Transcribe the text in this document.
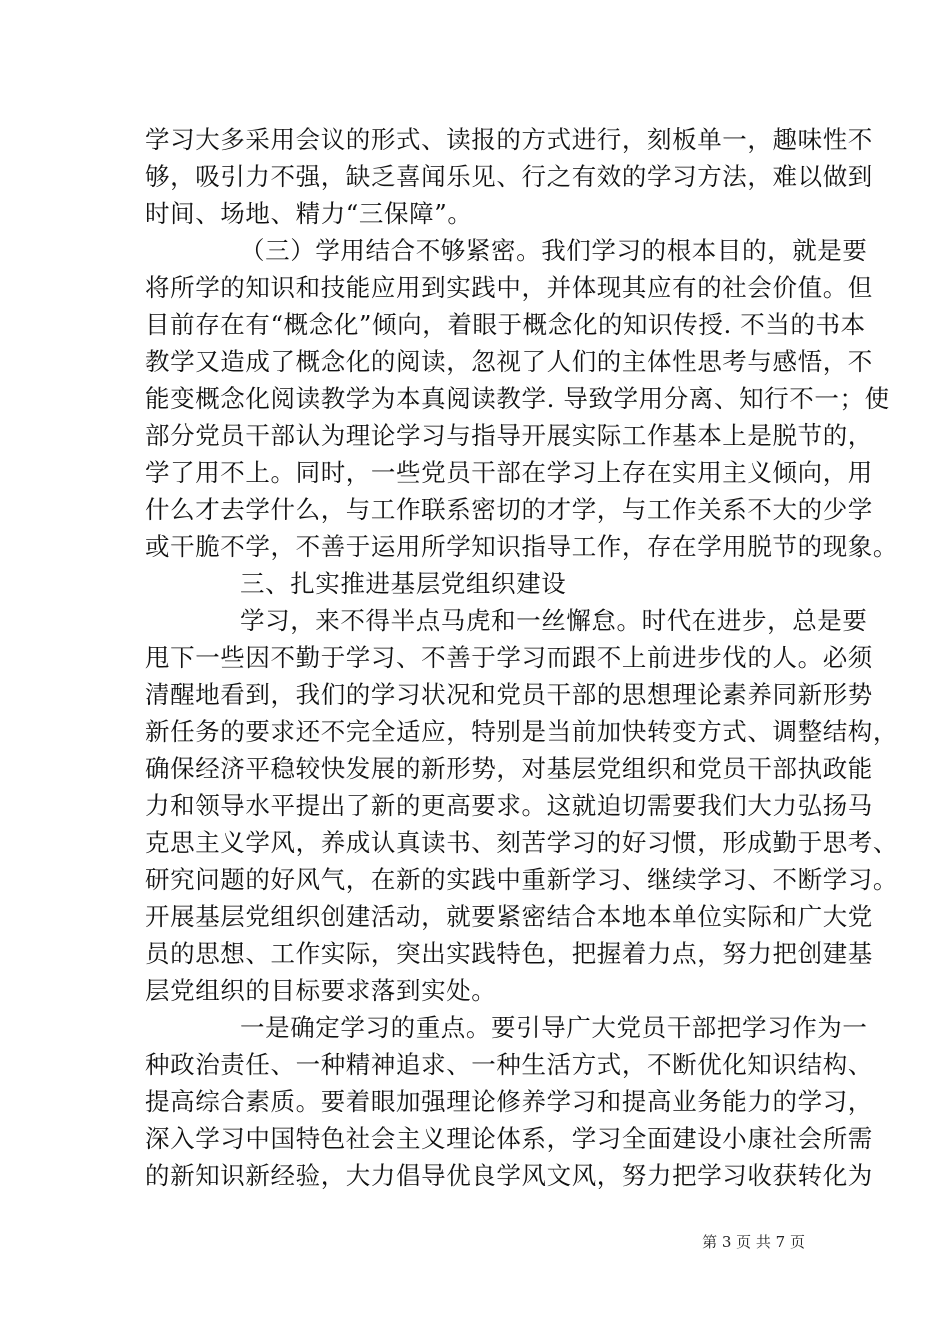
学习大多采用会议的形式、读报的方式进行，刻板单一，趣味性不
够，吸引力不强，缺乏喜闻乐见、行之有效的学习方法，难以做到
时间、场地、精力“三保障”。
（三）学用结合不够紧密。我们学习的根本目的，就是要
将所学的知识和技能应用到实践中，并体现其应有的社会价值。但
目前存在有“概念化”倾向，着眼于概念化的知识传授. 不当的书本
教学又造成了概念化的阅读，忽视了人们的主体性思考与感悟，不
能变概念化阅读教学为本真阅读教学. 导致学用分离、知行不一；使
部分党员干部认为理论学习与指导开展实际工作基本上是脱节的，
学了用不上。同时，一些党员干部在学习上存在实用主义倾向，用
什么才去学什么，与工作联系密切的才学，与工作关系不大的少学
或干脆不学，不善于运用所学知识指导工作，存在学用脱节的现象。
三、扎实推进基层党组织建设
学习，来不得半点马虎和一丝懈怠。时代在进步，总是要
甩下一些因不勤于学习、不善于学习而跟不上前进步伐的人。必须
清醒地看到，我们的学习状况和党员干部的思想理论素养同新形势
新任务的要求还不完全适应，特别是当前加快转变方式、调整结构，
确保经济平稳较快发展的新形势，对基层党组织和党员干部执政能
力和领导水平提出了新的更高要求。这就迫切需要我们大力弘扬马
克思主义学风，养成认真读书、刻苦学习的好习惯，形成勤于思考、
研究问题的好风气，在新的实践中重新学习、继续学习、不断学习。
开展基层党组织创建活动，就要紧密结合本地本单位实际和广大党
员的思想、工作实际，突出实践特色，把握着力点，努力把创建基
层党组织的目标要求落到实处。
一是确定学习的重点。要引导广大党员干部把学习作为一
种政治责任、一种精神追求、一种生活方式，不断优化知识结构、
提高综合素质。要着眼加强理论修养学习和提高业务能力的学习，
深入学习中国特色社会主义理论体系，学习全面建设小康社会所需
的新知识新经验，大力倡导优良学风文风，努力把学习收获转化为
第 3 页 共 7 页
